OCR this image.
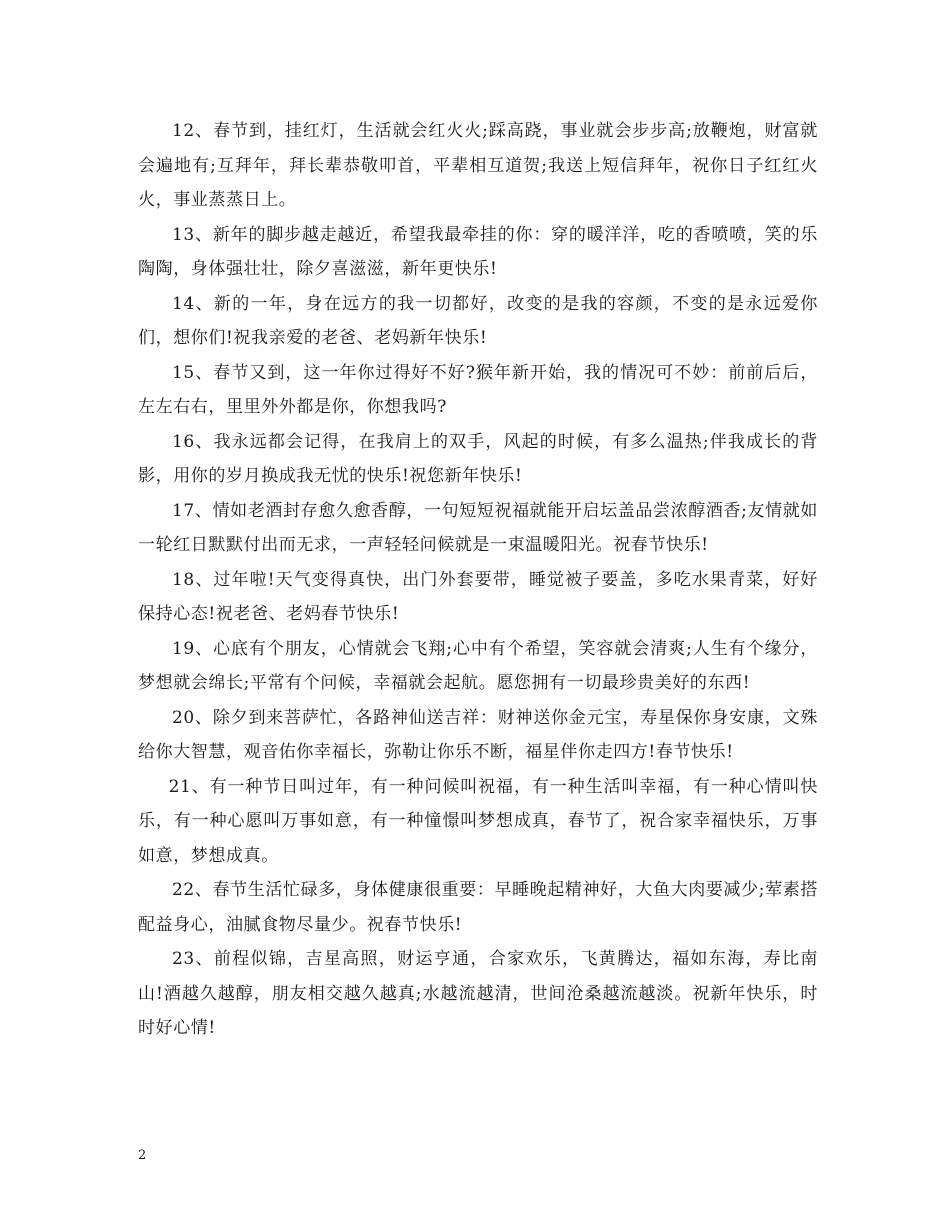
12、春节到，挂红灯，生活就会红火火;踩高跷，事业就会步步高;放鞭炮，财富就会遍地有;互拜年，拜长辈恭敬叩首，平辈相互道贺;我送上短信拜年，祝你日子红红火火，事业蒸蒸日上。

13、新年的脚步越走越近，希望我最牵挂的你：穿的暖洋洋，吃的香喷喷，笑的乐陶陶，身体强壮壮，除夕喜滋滋，新年更快乐!

14、新的一年，身在远方的我一切都好，改变的是我的容颜，不变的是永远爱你们，想你们!祝我亲爱的老爸、老妈新年快乐!

15、春节又到，这一年你过得好不好?猴年新开始，我的情况可不妙：前前后后，左左右右，里里外外都是你，你想我吗?

16、我永远都会记得，在我肩上的双手，风起的时候，有多么温热;伴我成长的背影，用你的岁月换成我无忧的快乐!祝您新年快乐!

17、情如老酒封存愈久愈香醇，一句短短祝福就能开启坛盖品尝浓醇酒香;友情就如一轮红日默默付出而无求，一声轻轻问候就是一束温暖阳光。祝春节快乐!

18、过年啦!天气变得真快，出门外套要带，睡觉被子要盖，多吃水果青菜，好好保持心态!祝老爸、老妈春节快乐!

19、心底有个朋友，心情就会飞翔;心中有个希望，笑容就会清爽;人生有个缘分，梦想就会绵长;平常有个问候，幸福就会起航。愿您拥有一切最珍贵美好的东西!

20、除夕到来菩萨忙，各路神仙送吉祥：财神送你金元宝，寿星保你身安康，文殊给你大智慧，观音佑你幸福长，弥勒让你乐不断，福星伴你走四方!春节快乐!

21、有一种节日叫过年，有一种问候叫祝福，有一种生活叫幸福，有一种心情叫快乐，有一种心愿叫万事如意，有一种憧憬叫梦想成真，春节了，祝合家幸福快乐，万事如意，梦想成真。

22、春节生活忙碌多，身体健康很重要：早睡晚起精神好，大鱼大肉要减少;荤素搭配益身心，油腻食物尽量少。祝春节快乐!

23、前程似锦，吉星高照，财运亨通，合家欢乐，飞黄腾达，福如东海，寿比南山!酒越久越醇，朋友相交越久越真;水越流越清，世间沧桑越流越淡。祝新年快乐，时时好心情!

2
